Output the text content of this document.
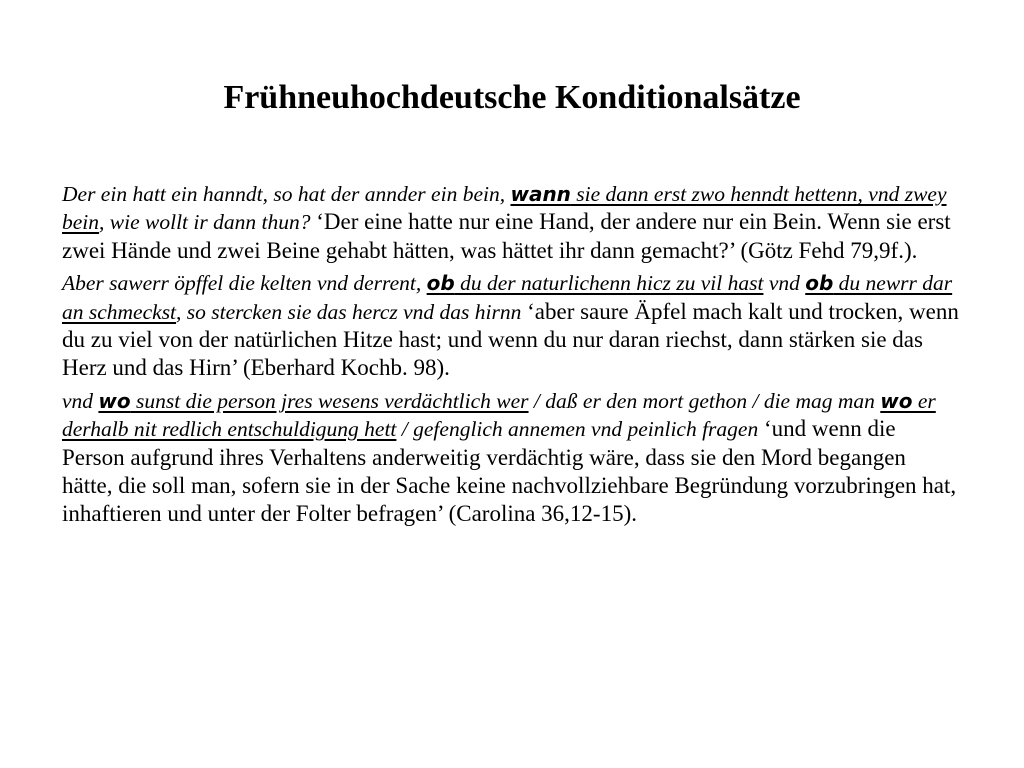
Frühneuhochdeutsche Konditionalsätze

Der ein hatt ein hanndt, so hat der annder ein bein, wann sie dann erst zwo henndt hettenn, vnd zwey bein, wie wollt ir dann thun? ‘Der eine hatte nur eine Hand, der andere nur ein Bein. Wenn sie erst zwei Hände und zwei Beine gehabt hätten, was hättet ihr dann gemacht?’ (Götz Fehd 79,9f.).

Aber sawerr öpffel die kelten vnd derrent, ob du der naturlichenn hicz zu vil hast vnd ob du newrr dar an schmeckst, so stercken sie das hercz vnd das hirnn ‘aber saure Äpfel mach kalt und trocken, wenn du zu viel von der natürlichen Hitze hast; und wenn du nur daran riechst, dann stärken sie das Herz und das Hirn’ (Eberhard Kochb. 98).

vnd wo sunst die person jres wesens verdächtlich wer / daß er den mort gethon / die mag man wo er derhalb nit redlich entschuldigung hett / gefenglich annemen vnd peinlich fragen ‘und wenn die Person aufgrund ihres Verhaltens anderweitig verdächtig wäre, dass sie den Mord begangen hätte, die soll man, sofern sie in der Sache keine nachvollziehbare Begründung vorzubringen hat, inhaftieren und unter der Folter befragen’ (Carolina 36,12-15).
